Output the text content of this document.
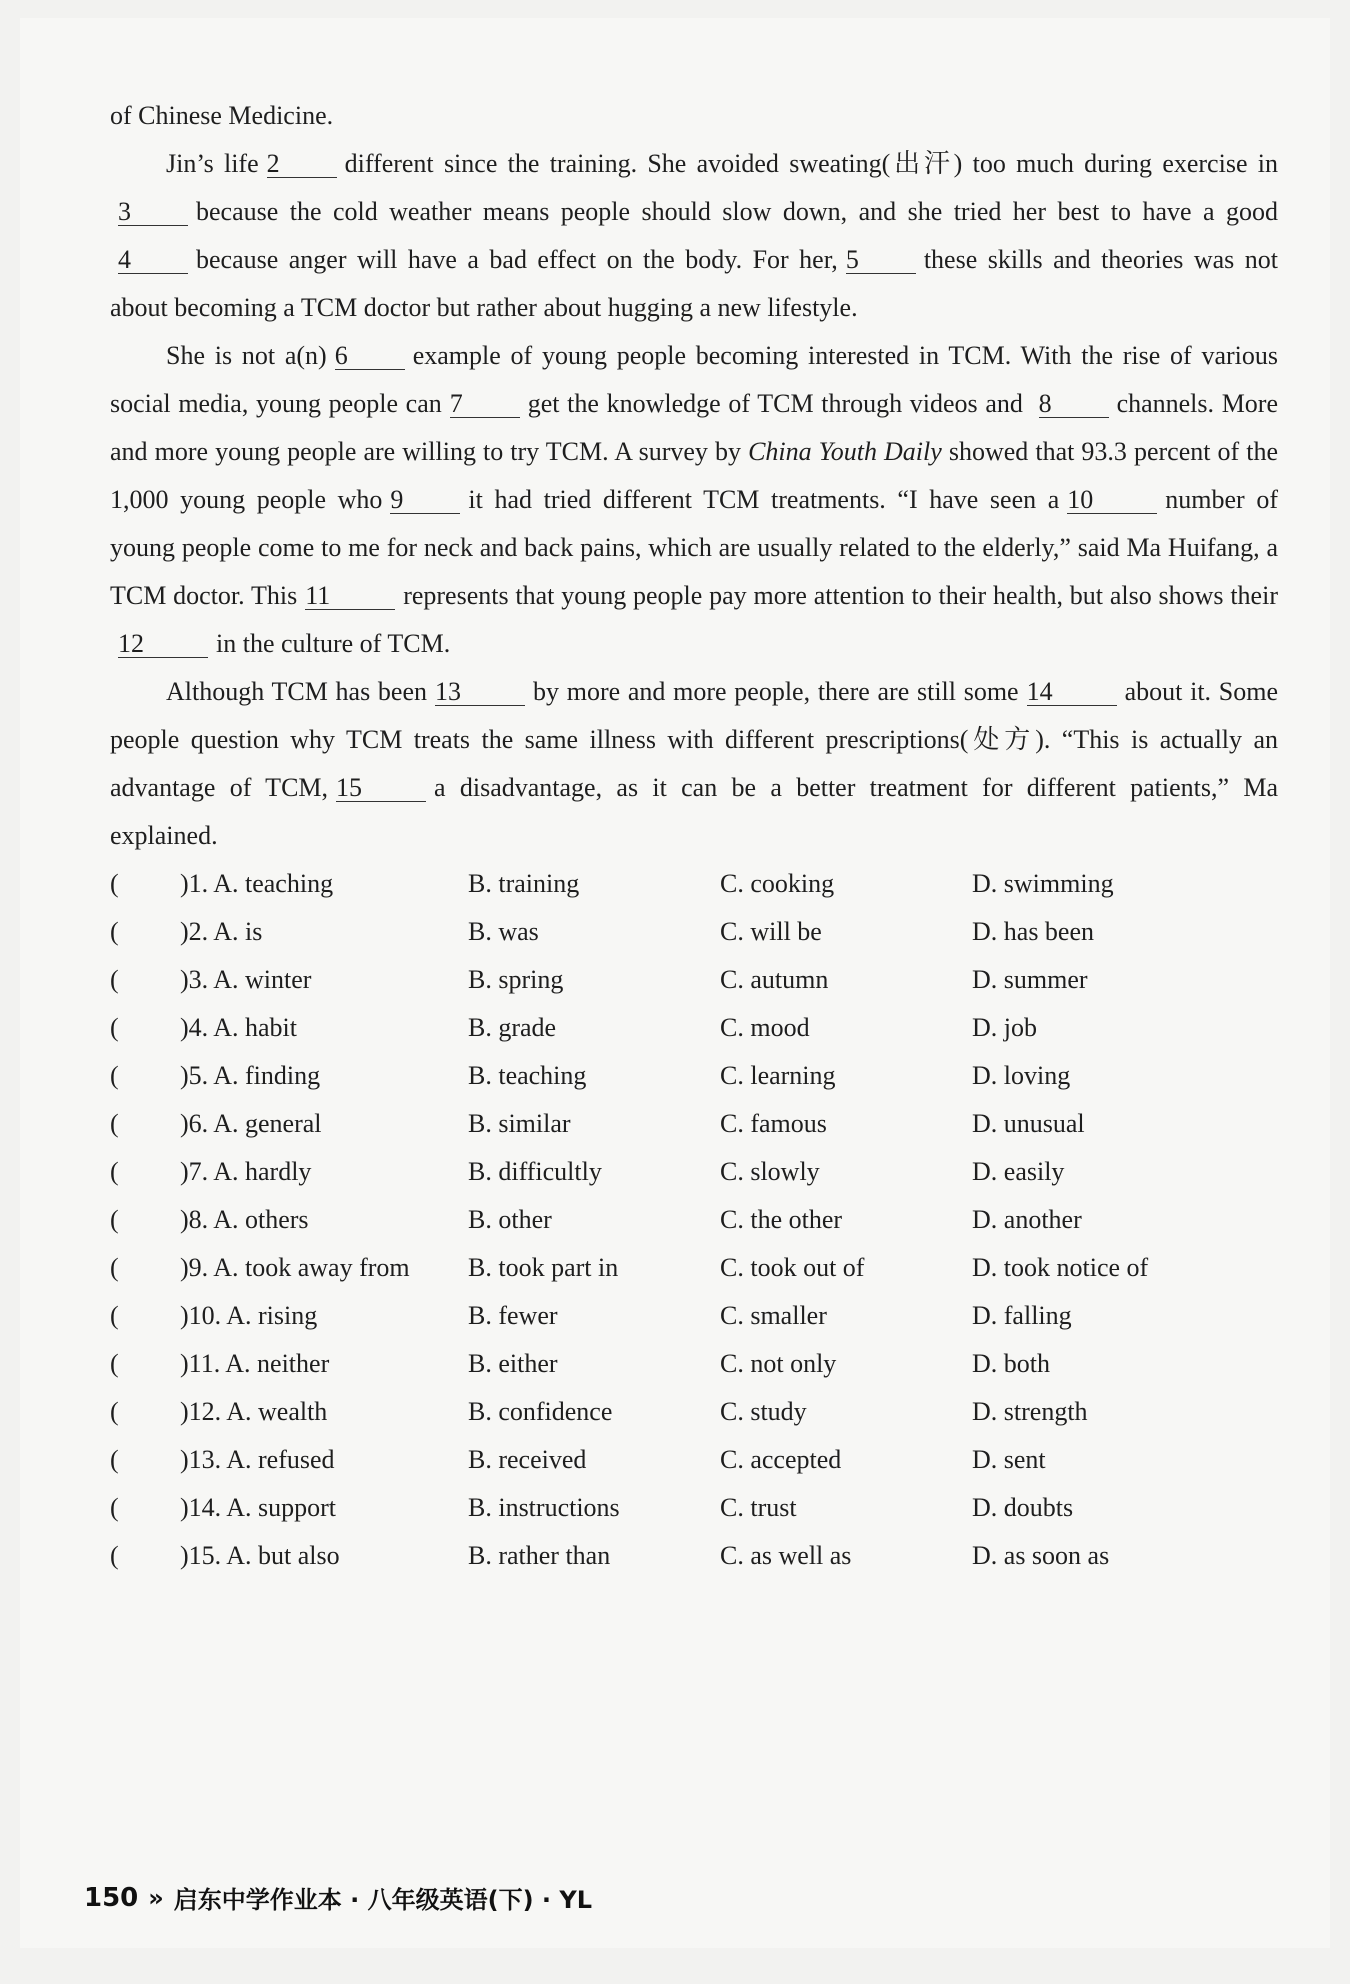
of Chinese Medicine.

Jin’s life 2	different since the training. She avoided sweating(出汗) too much during exercise in3	because the cold weather means people should slow down, and she tried her best to have a good4	because anger will have a bad effect on the body. For her, 5	these skills and theories was not about becoming a TCM doctor but rather about hugging a new lifestyle.

She is not a(n) 6	example of young people becoming interested in TCM. With the rise of various social media, young people can 7	get the knowledge of TCM through videos and 8	channels. More and more young people are willing to try TCM. A survey by China Youth Daily showed that 93.3 percent of the 1,000 young people who 9	it had tried different TCM treatments. “I have seen a 10	number of young people come to me for neck and back pains, which are usually related to the elderly,” said Ma Huifang, a TCM doctor. This 11	represents that young people pay more attention to their health, but also shows their12	in the culture of TCM.

Although TCM has been 13	by more and more people, there are still some 14	about it. Some people question why TCM treats the same illness with different prescriptions(处方). “This is actually an advantage of TCM, 15	a disadvantage, as it can be a better treatment for different patients,” Ma explained.

(	)1. A. teaching	B. training	C. cooking	D. swimming
(	)2. A. is	B. was	C. will be	D. has been
(	)3. A. winter	B. spring	C. autumn	D. summer
(	)4. A. habit	B. grade	C. mood	D. job
(	)5. A. finding	B. teaching	C. learning	D. loving
(	)6. A. general	B. similar	C. famous	D. unusual
(	)7. A. hardly	B. difficultly	C. slowly	D. easily
(	)8. A. others	B. other	C. the other	D. another
(	)9. A. took away from	B. took part in	C. took out of	D. took notice of
(	)10. A. rising	B. fewer	C. smaller	D. falling
(	)11. A. neither	B. either	C. not only	D. both
(	)12. A. wealth	B. confidence	C. study	D. strength
(	)13. A. refused	B. received	C. accepted	D. sent
(	)14. A. support	B. instructions	C. trust	D. doubts
(	)15. A. but also	B. rather than	C. as well as	D. as soon as
150 » 启东中学作业本 · 八年级英语(下) · YL
